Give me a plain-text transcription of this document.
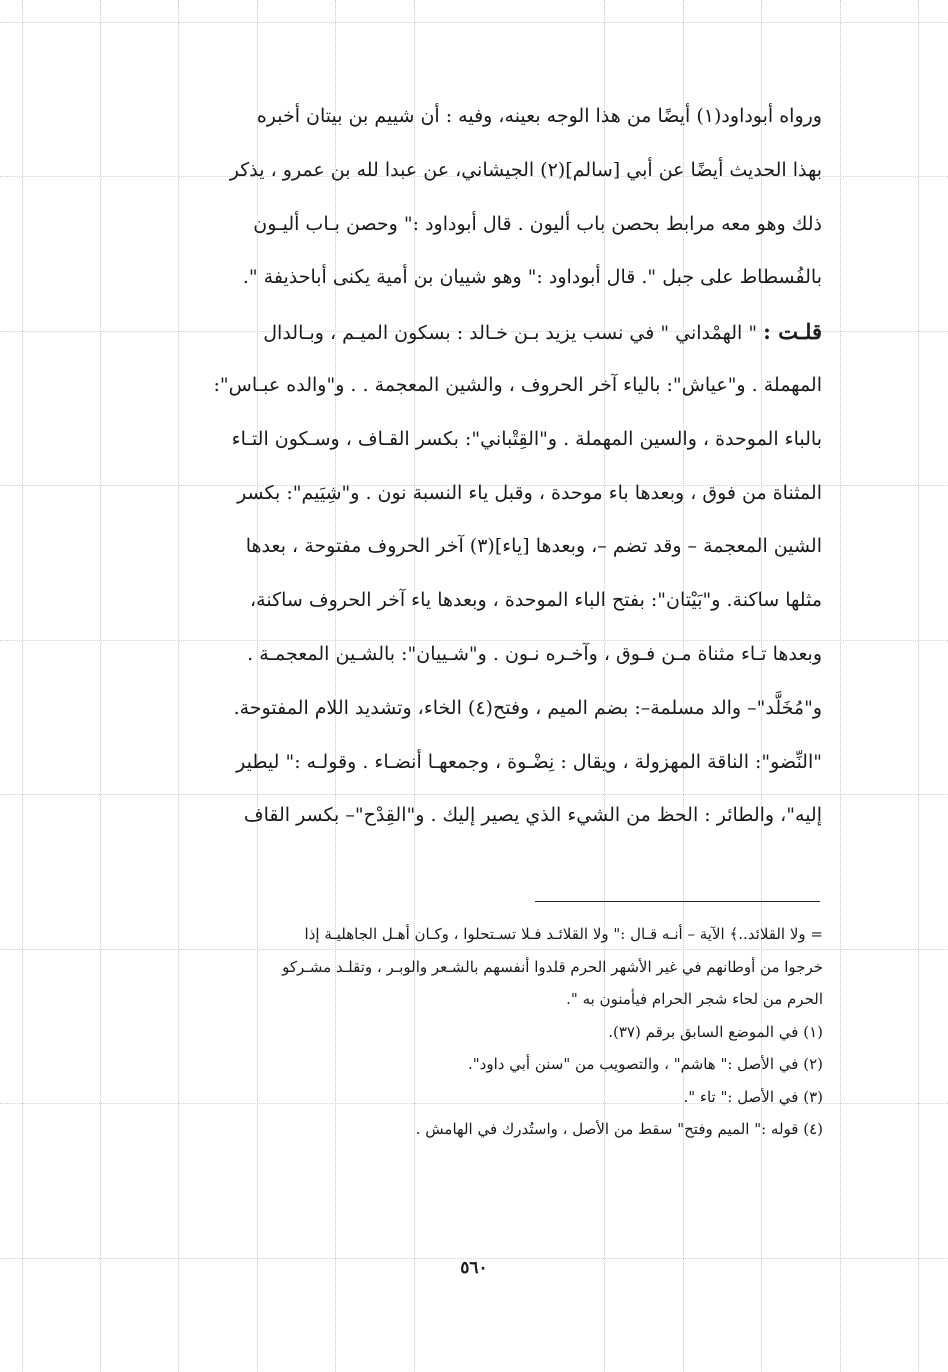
ورواه أبوداود(١) أيضًا من هذا الوجه بعينه، وفيه : أن شييم بن بيتان أخبره
بهذا الحديث أيضًا عن أبي [سالم](٢) الجيشاني، عن عبدا لله بن عمرو ، يذكر
ذلك وهو معه مرابط بحصن باب أليون . قال أبوداود :" وحصن بـاب أليـون
بالفُسطاط على جبل ". قال أبوداود :" وهو شييان بن أمية يكنى أباحذيفة ".
قلـت : " الهمْداني " في نسب يزيد بـن خـالد : بسكون الميـم ، وبـالدال
المهملة . و"عياش": بالياء آخر الحروف ، والشين المعجمة . . و"والده عبـاس":
بالباء الموحدة ، والسين المهملة . و"القِتْباني": بكسر القـاف ، وسـكون التـاء
المثناة من فوق ، وبعدها باء موحدة ، وقبل ياء النسبة نون . و"شِيَيم": بكسر
الشين المعجمة – وقد تضم –، وبعدها [ياء](٣) آخر الحروف مفتوحة ، بعدها
مثلها ساكنة. و"بَيْتان": بفتح الباء الموحدة ، وبعدها ياء آخر الحروف ساكنة،
وبعدها تـاء مثناة مـن فـوق ، وآخـره نـون . و"شـييان": بالشـين المعجمـة .
و"مُخَلَّد"– والد مسلمة–: بضم الميم ، وفتح(٤) الخاء، وتشديد اللام المفتوحة.
"النِّضو": الناقة المهزولة ، ويقال : نِضْـوة ، وجمعهـا أنضـاء . وقولـه :" ليطير
إليه"، والطائر : الحظ من الشيء الذي يصير إليك . و"القِدْح"– بكسر القاف
= ولا القلائد..﴾ الآية – أنـه قـال :" ولا القلائـد فـلا تسـتحلوا ، وكـان أهـل الجاهليـة إذا
خرجوا من أوطانهم في غير الأشهر الحرم قلدوا أنفسهم بالشـعر والوبـر ، وتقلـد مشـركو
الحرم من لحاء شجر الحرام فيأمنون به ".
(١) في الموضع السابق برقم (٣٧).
(٢) في الأصل :" هاشم" ، والتصويب من "سنن أبي داود".
(٣) في الأصل :" تاء ".
(٤) قوله :" الميم وفتح" سقط من الأصل ، واستُدرك في الهامش .
٥٦٠
